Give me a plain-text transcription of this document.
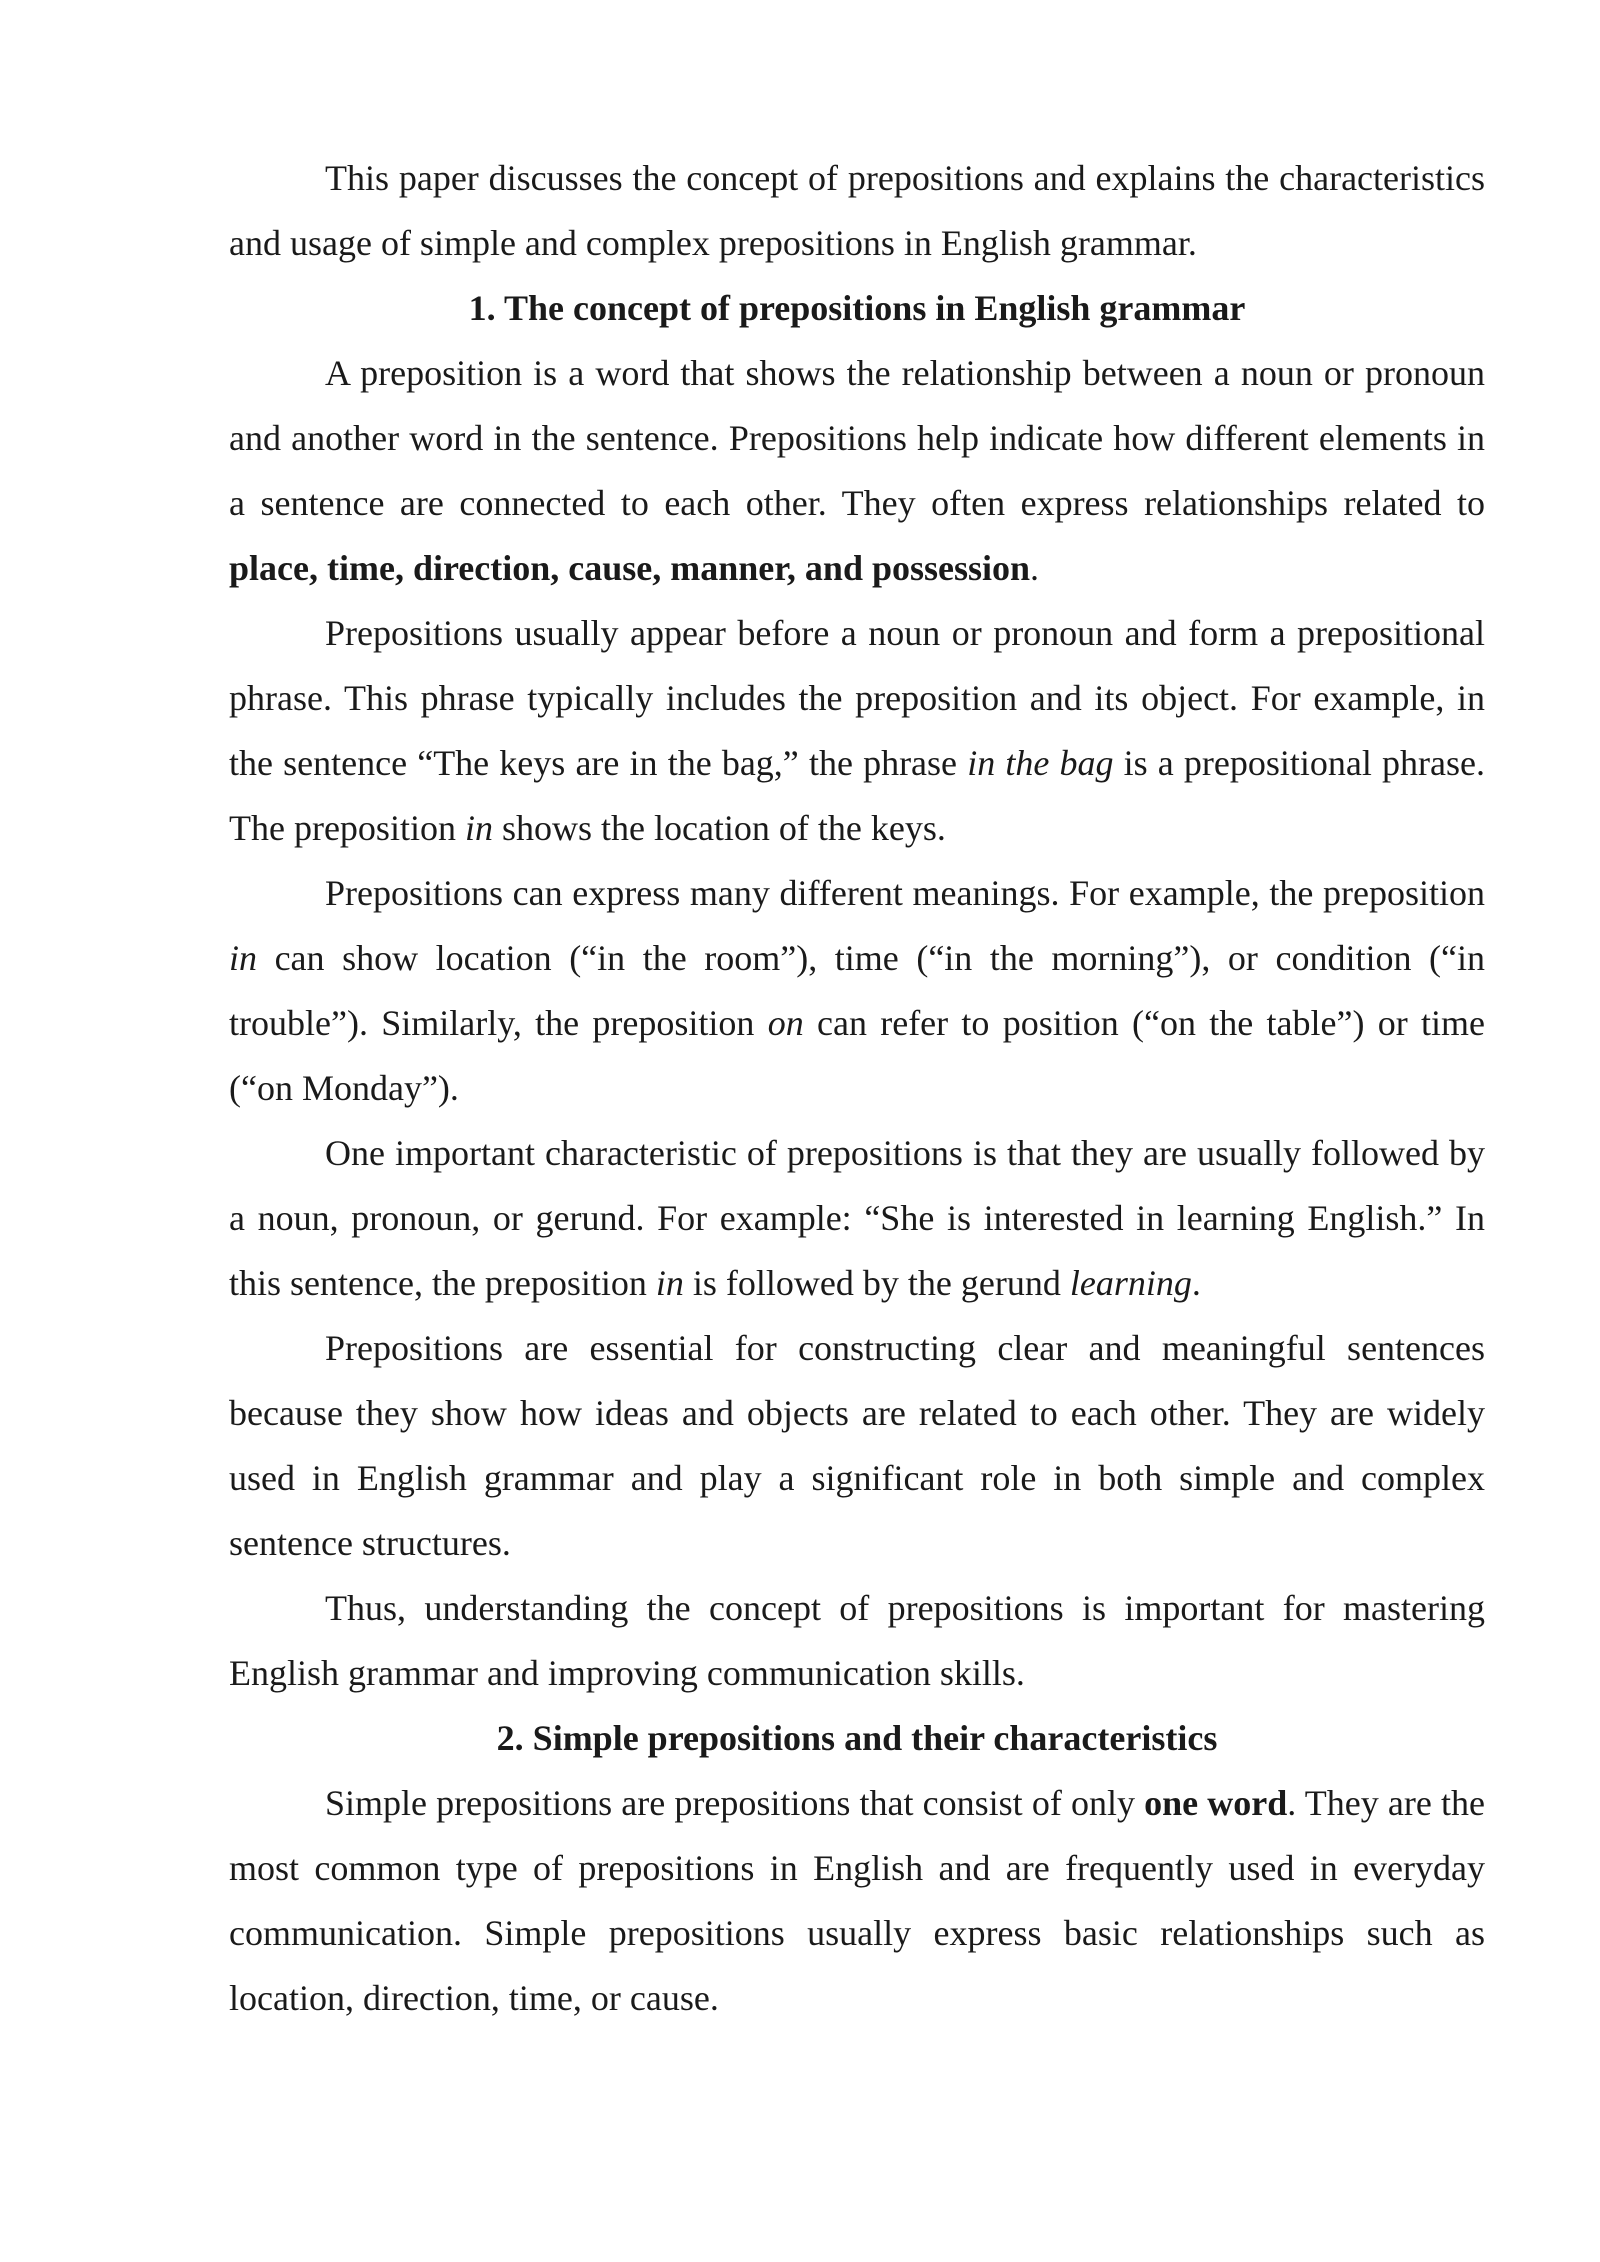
This paper discusses the concept of prepositions and explains the characteristics and usage of simple and complex prepositions in English grammar.

1. The concept of prepositions in English grammar

A preposition is a word that shows the relationship between a noun or pronoun and another word in the sentence. Prepositions help indicate how different elements in a sentence are connected to each other. They often express relationships related to place, time, direction, cause, manner, and possession.

Prepositions usually appear before a noun or pronoun and form a prepositional phrase. This phrase typically includes the preposition and its object. For example, in the sentence “The keys are in the bag,” the phrase in the bag is a prepositional phrase. The preposition in shows the location of the keys.

Prepositions can express many different meanings. For example, the preposition in can show location (“in the room”), time (“in the morning”), or condition (“in trouble”). Similarly, the preposition on can refer to position (“on the table”) or time (“on Monday”).

One important characteristic of prepositions is that they are usually followed by a noun, pronoun, or gerund. For example: “She is interested in learning English.” In this sentence, the preposition in is followed by the gerund learning.

Prepositions are essential for constructing clear and meaningful sentences because they show how ideas and objects are related to each other. They are widely used in English grammar and play a significant role in both simple and complex sentence structures.

Thus, understanding the concept of prepositions is important for mastering English grammar and improving communication skills.

2. Simple prepositions and their characteristics

Simple prepositions are prepositions that consist of only one word. They are the most common type of prepositions in English and are frequently used in everyday communication. Simple prepositions usually express basic relationships such as location, direction, time, or cause.
